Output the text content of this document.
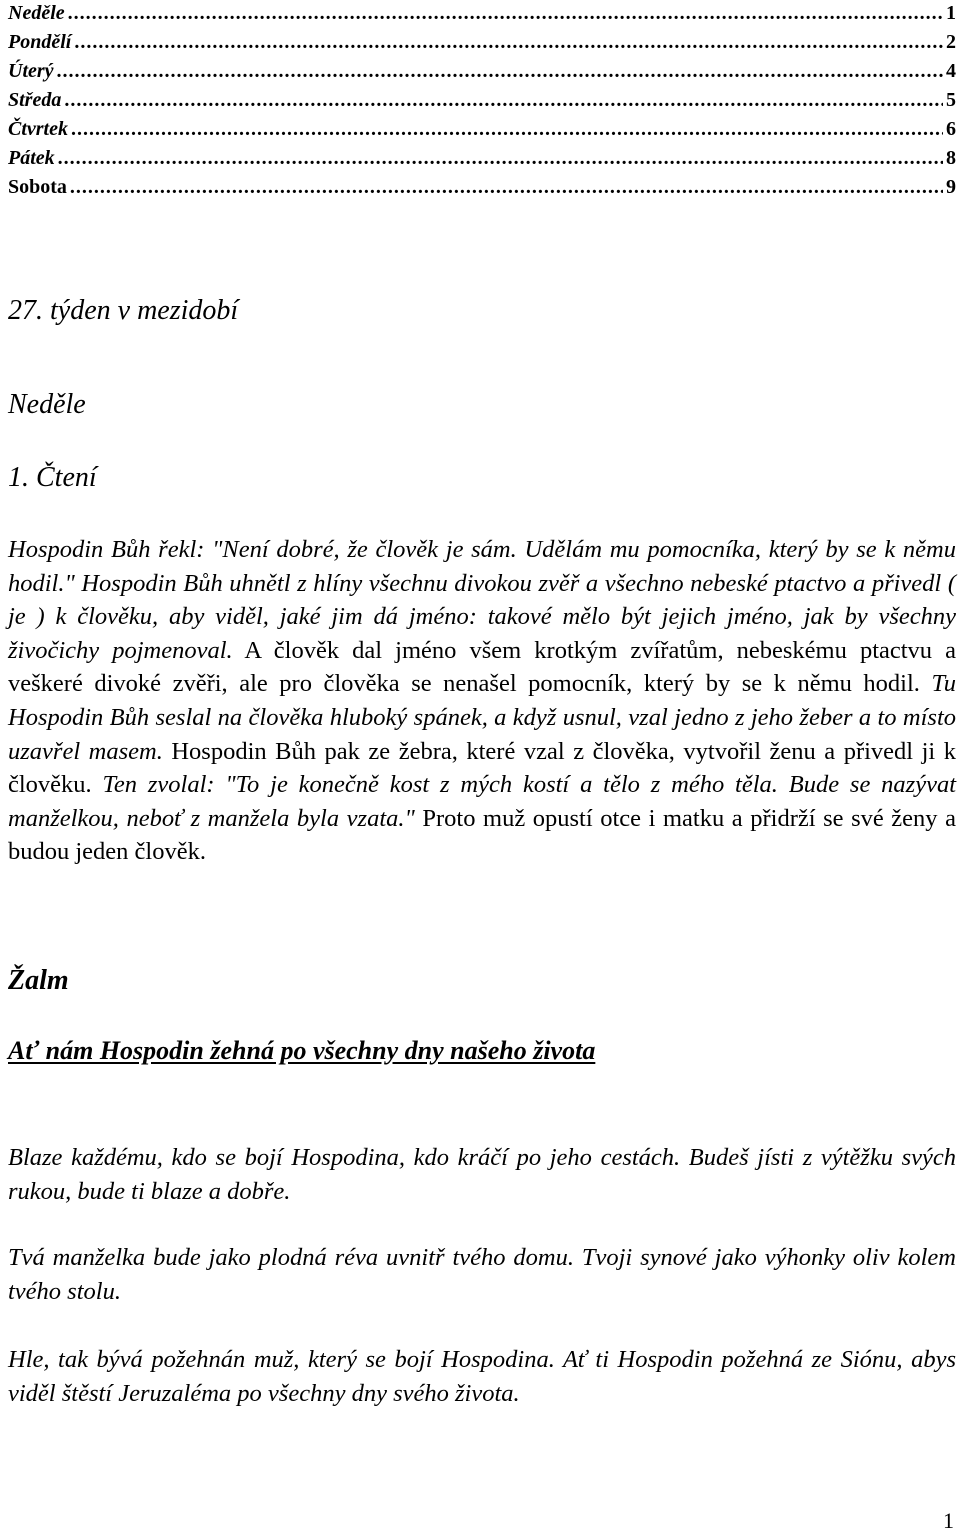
Neděle .....	1
Pondělí .....	2
Úterý .....	4
Středa .....	5
Čtvrtek .....	6
Pátek .....	8
Sobota .....	9
27. týden v mezidobí
Neděle
1. Čtení
Hospodin Bůh řekl: "Není dobré, že člověk je sám. Udělám mu pomocníka, který by se k němu hodil." Hospodin Bůh uhnětl z hlíny všechnu divokou zvěř a všechno nebeské ptactvo a přivedl ( je ) k člověku, aby viděl, jaké jim dá jméno: takové mělo být jejich jméno, jak by všechny živočichy pojmenoval. A člověk dal jméno všem krotkým zvířatům, nebeskému ptactvu a veškeré divoké zvěři, ale pro člověka se nenašel pomocník, který by se k němu hodil. Tu Hospodin Bůh seslal na člověka hluboký spánek, a když usnul, vzal jedno z jeho žeber a to místo uzavřel masem. Hospodin Bůh pak ze žebra, které vzal z člověka, vytvořil ženu a přivedl ji k člověku. Ten zvolal: "To je konečně kost z mých kostí a tělo z mého těla. Bude se nazývat manželkou, neboť z manžela byla vzata." Proto muž opustí otce i matku a přidrží se své ženy a budou jeden člověk.
Žalm
Ať nám Hospodin žehná po všechny dny našeho života
Blaze každému, kdo se bojí Hospodina, kdo kráčí po jeho cestách. Budeš jísti z výtěžku svých rukou, bude ti blaze a dobře.
Tvá manželka bude jako plodná réva uvnitř tvého domu. Tvoji synové jako výhonky oliv kolem tvého stolu.
Hle, tak bývá požehnán muž, který se bojí Hospodina. Ať ti Hospodin požehná ze Siónu, abys viděl štěstí Jeruzaléma po všechny dny svého života.
1
